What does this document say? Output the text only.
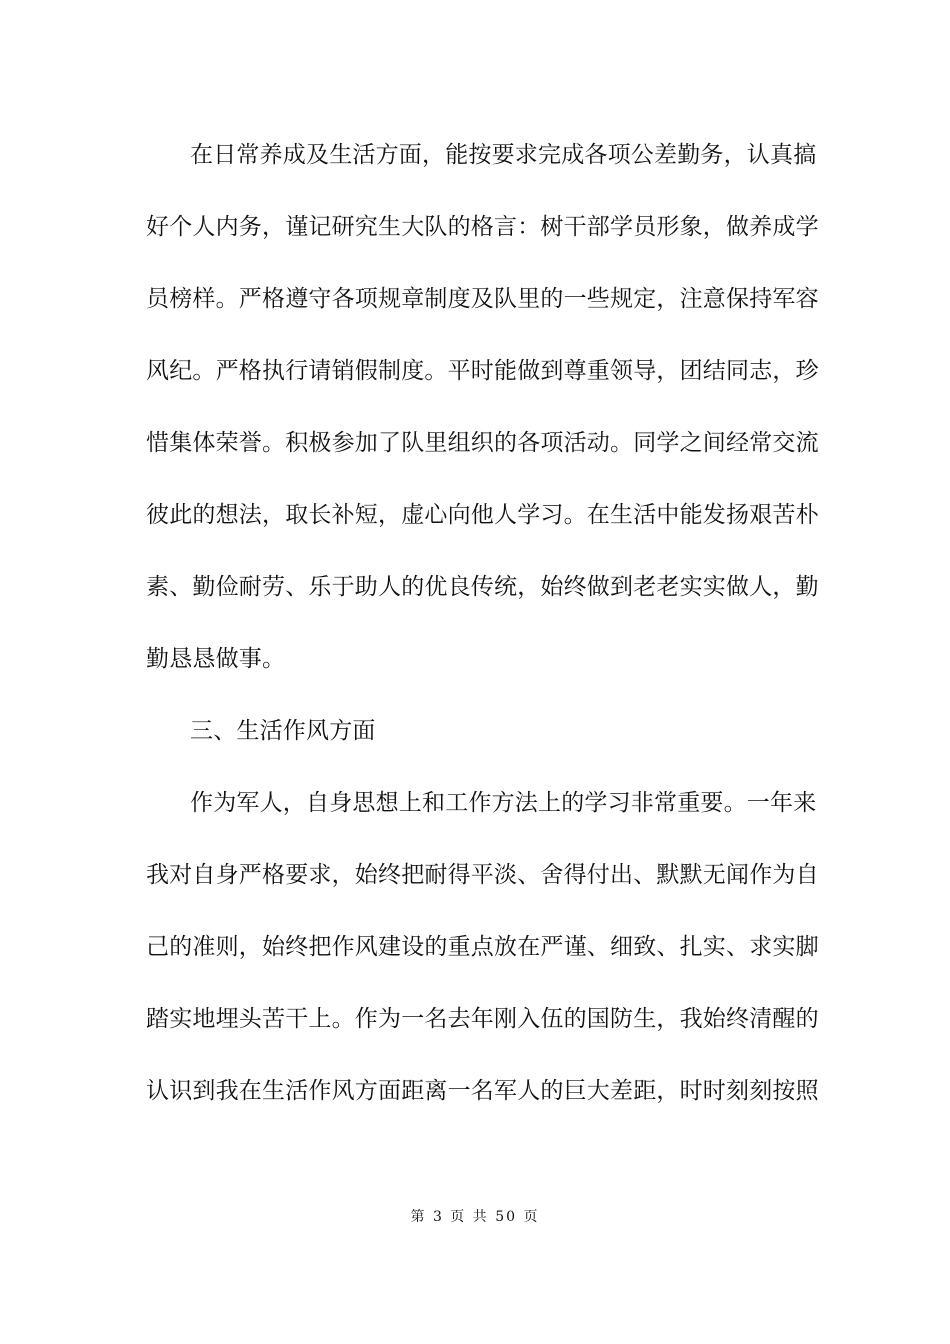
在日常养成及生活方面，能按要求完成各项公差勤务，认真搞
好个人内务，谨记研究生大队的格言：树干部学员形象，做养成学
员榜样。严格遵守各项规章制度及队里的一些规定，注意保持军容
风纪。严格执行请销假制度。平时能做到尊重领导，团结同志，珍
惜集体荣誉。积极参加了队里组织的各项活动。同学之间经常交流
彼此的想法，取长补短，虚心向他人学习。在生活中能发扬艰苦朴
素、勤俭耐劳、乐于助人的优良传统，始终做到老老实实做人，勤
勤恳恳做事。
三、生活作风方面
作为军人，自身思想上和工作方法上的学习非常重要。一年来
我对自身严格要求，始终把耐得平淡、舍得付出、默默无闻作为自
己的准则，始终把作风建设的重点放在严谨、细致、扎实、求实脚
踏实地埋头苦干上。作为一名去年刚入伍的国防生，我始终清醒的
认识到我在生活作风方面距离一名军人的巨大差距，时时刻刻按照
第 3 页 共 50 页
